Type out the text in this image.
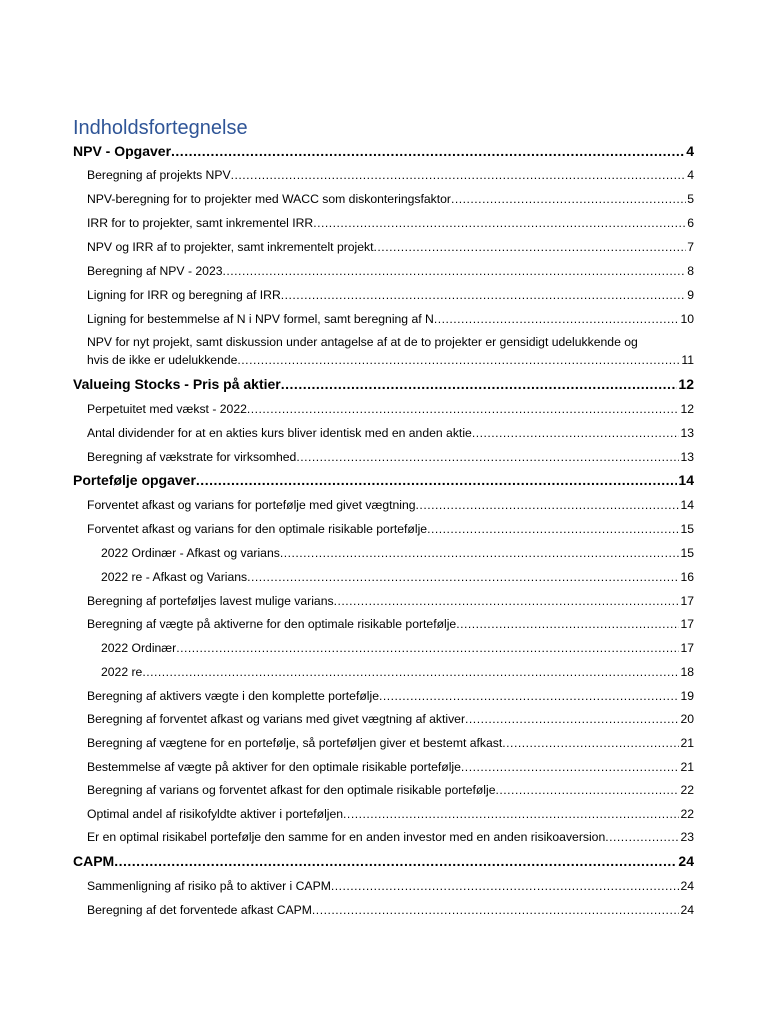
Indholdsfortegnelse
NPV - Opgaver .....	4
Beregning af projekts NPV .....	4
NPV-beregning for to projekter med WACC som diskonteringsfaktor .....	5
IRR for to projekter, samt inkrementel IRR .....	6
NPV og IRR af to projekter, samt inkrementelt projekt .....	7
Beregning af NPV - 2023 .....	8
Ligning for IRR og beregning af IRR .....	9
Ligning for bestemmelse af N i NPV formel, samt beregning af N .....	10
NPV for nyt projekt, samt diskussion under antagelse af at de to projekter er gensidigt udelukkende og
hvis de ikke er udelukkende .....	11
Valueing Stocks - Pris på aktier .....	12
Perpetuitet med vækst - 2022 .....	12
Antal dividender for at en akties kurs bliver identisk med en anden aktie .....	13
Beregning af vækstrate for virksomhed .....	13
Portefølje opgaver .....	14
Forventet afkast og varians for portefølje med givet vægtning .....	14
Forventet afkast og varians for den optimale risikable portefølje .....	15
2022 Ordinær - Afkast og varians .....	15
2022 re - Afkast og Varians .....	16
Beregning af porteføljes lavest mulige varians .....	17
Beregning af vægte på aktiverne for den optimale risikable portefølje .....	17
2022 Ordinær .....	17
2022 re .....	18
Beregning af aktivers vægte i den komplette portefølje .....	19
Beregning af forventet afkast og varians med givet vægtning af aktiver .....	20
Beregning af vægtene for en portefølje, så porteføljen giver et bestemt afkast .....	21
Bestemmelse af vægte på aktiver for den optimale risikable portefølje .....	21
Beregning af varians og forventet afkast for den optimale risikable portefølje .....	22
Optimal andel af risikofyldte aktiver i porteføljen .....	22
Er en optimal risikabel portefølje den samme for en anden investor med en anden risikoaversion .....	23
CAPM .....	24
Sammenligning af risiko på to aktiver i CAPM .....	24
Beregning af det forventede afkast CAPM .....	24
